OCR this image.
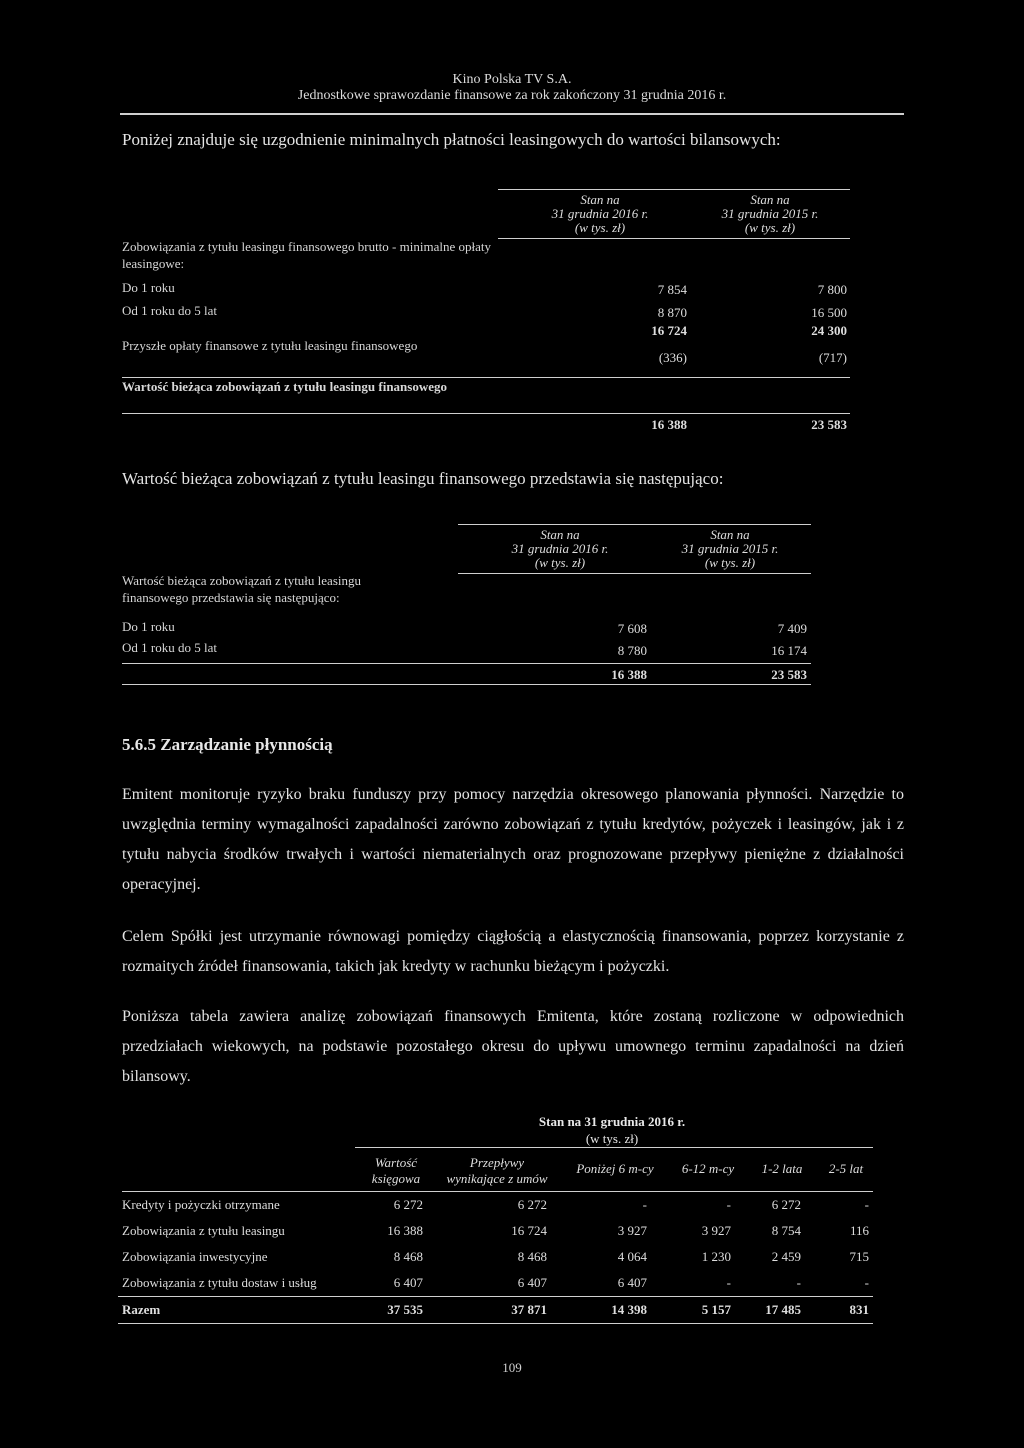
Kino Polska TV S.A.
Jednostkowe sprawozdanie finansowe za rok zakończony 31 grudnia 2016 r.
Poniżej znajduje się uzgodnienie minimalnych płatności leasingowych do wartości bilansowych:
Stan na
31 grudnia 2016 r.
(w tys. zł)
Stan na
31 grudnia 2015 r.
(w tys. zł)
Zobowiązania z tytułu leasingu finansowego brutto - minimalne opłaty leasingowe:
Do 1 roku	7 854	7 800
Od 1 roku do 5 lat	8 870	16 500
16 724	24 300
Przyszłe opłaty finansowe z tytułu leasingu finansowego
(336)	(717)
Wartość bieżąca zobowiązań z tytułu leasingu finansowego
16 388	23 583
Wartość bieżąca zobowiązań z tytułu leasingu finansowego przedstawia się następująco:
Stan na
31 grudnia 2016 r.
(w tys. zł)
Stan na
31 grudnia 2015 r.
(w tys. zł)
Wartość bieżąca zobowiązań z tytułu leasingu finansowego przedstawia się następująco:
Do 1 roku	7 608	7 409
Od 1 roku do 5 lat	8 780	16 174
16 388	23 583
5.6.5 Zarządzanie płynnością
Emitent monitoruje ryzyko braku funduszy przy pomocy narzędzia okresowego planowania płynności. Narzędzie to uwzględnia terminy wymagalności zapadalności zarówno zobowiązań z tytułu kredytów, pożyczek i leasingów, jak i z tytułu nabycia środków trwałych i wartości niematerialnych oraz prognozowane przepływy pieniężne z działalności operacyjnej.
Celem Spółki jest utrzymanie równowagi pomiędzy ciągłością a elastycznością finansowania, poprzez korzystanie z rozmaitych źródeł finansowania, takich jak kredyty w rachunku bieżącym i pożyczki.
Poniższa tabela zawiera analizę zobowiązań finansowych Emitenta, które zostaną rozliczone w odpowiednich przedziałach wiekowych, na podstawie pozostałego okresu do upływu umownego terminu zapadalności na dzień bilansowy.
Stan na 31 grudnia 2016 r.
(w tys. zł)
Wartość księgowa
Przepływy wynikające z umów
Poniżej 6 m-cy	6-12 m-cy	1-2 lata	2-5 lat
Kredyty i pożyczki otrzymane	6 272	6 272	-	-	6 272	-
Zobowiązania z tytułu leasingu	16 388	16 724	3 927	3 927	8 754	116
Zobowiązania inwestycyjne	8 468	8 468	4 064	1 230	2 459	715
Zobowiązania z tytułu dostaw i usług	6 407	6 407	6 407	-	-	-
Razem	37 535	37 871	14 398	5 157	17 485	831
109
